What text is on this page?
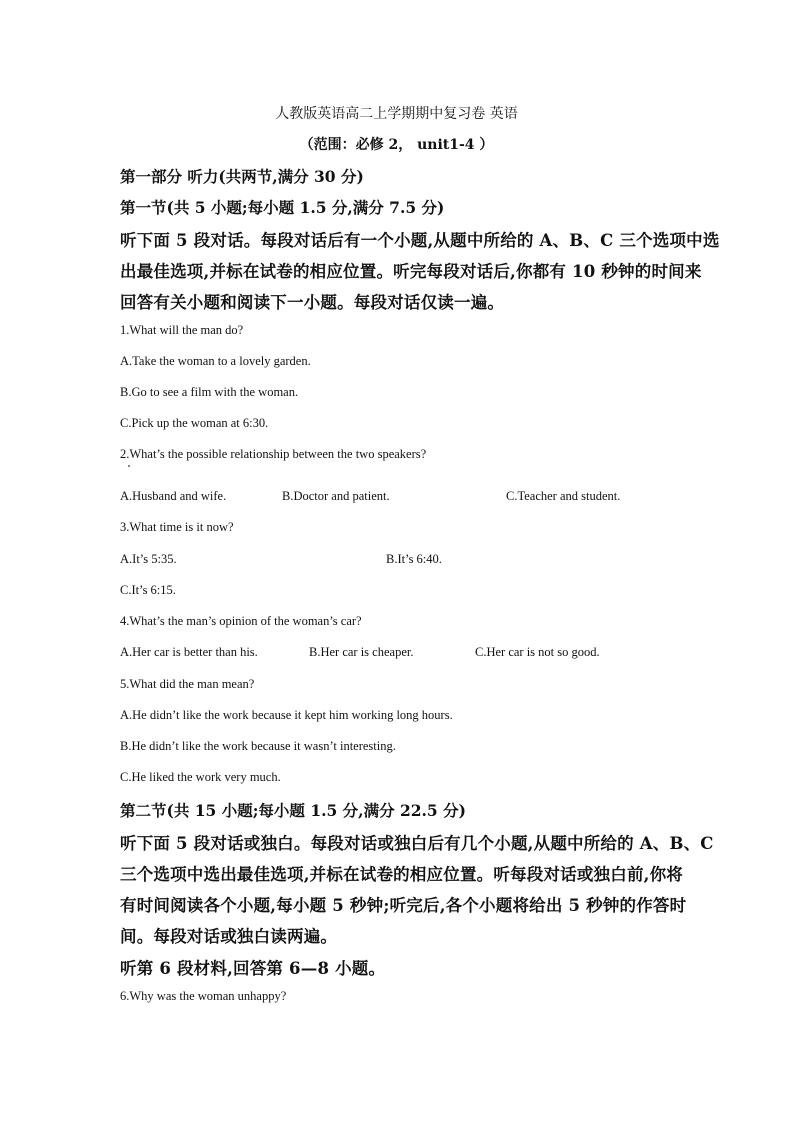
人教版英语高二上学期期中复习卷 英语
（范围：必修 2， unit1-4 ）
第一部分 听力(共两节,满分 30 分)
第一节(共 5 小题;每小题 1.5 分,满分 7.5 分)
听下面 5 段对话。每段对话后有一个小题,从题中所给的 A、B、C 三个选项中选
出最佳选项,并标在试卷的相应位置。听完每段对话后,你都有 10 秒钟的时间来
回答有关小题和阅读下一小题。每段对话仅读一遍。
1.What will the man do?
A.Take the woman to a lovely garden.
B.Go to see a film with the woman.
C.Pick up the woman at 6:30.
2.What’s the possible relationship between the two speakers?
A.Husband and wife.	B.Doctor and patient.	C.Teacher and student.
3.What time is it now?
A.It’s 5:35.	B.It’s 6:40.
C.It’s 6:15.
4.What’s the man’s opinion of the woman’s car?
A.Her car is better than his.	B.Her car is cheaper.	C.Her car is not so good.
5.What did the man mean?
A.He didn’t like the work because it kept him working long hours.
B.He didn’t like the work because it wasn’t interesting.
C.He liked the work very much.
第二节(共 15 小题;每小题 1.5 分,满分 22.5 分)
听下面 5 段对话或独白。每段对话或独白后有几个小题,从题中所给的 A、B、C
三个选项中选出最佳选项,并标在试卷的相应位置。听每段对话或独白前,你将
有时间阅读各个小题,每小题 5 秒钟;听完后,各个小题将给出 5 秒钟的作答时
间。每段对话或独白读两遍。
听第 6 段材料,回答第 6—8 小题。
6.Why was the woman unhappy?
